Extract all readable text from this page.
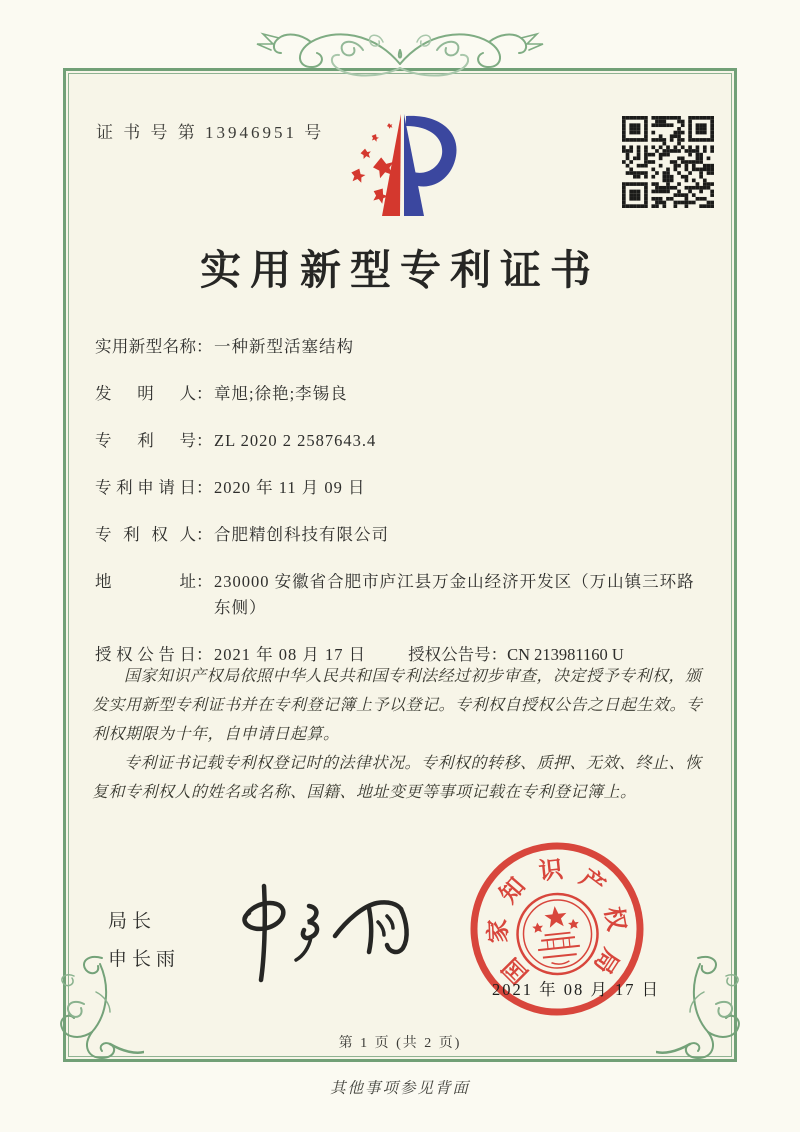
证 书 号 第 13946951 号
实用新型专利证书
实用新型名称 ： 一种新型活塞结构
发明人 ： 章旭;徐艳;李锡良
专利号 ： ZL 2020 2 2587643.4
专利申请日 ： 2020 年 11 月 09 日
专利权人 ： 合肥精创科技有限公司
地址 ： 230000 安徽省合肥市庐江县万金山经济开发区（万山镇三环路东侧）
授权公告日 ： 2021 年 08 月 17 日	授权公告号 ： CN 213981160 U

国家知识产权局依照中华人民共和国专利法经过初步审查，决定授予专利权，颁发实用新型专利证书并在专利登记簿上予以登记。专利权自授权公告之日起生效。专利权期限为十年，自申请日起算。

专利证书记载专利权登记时的法律状况。专利权的转移、质押、无效、终止、恢复和专利权人的姓名或名称、国籍、地址变更等事项记载在专利登记簿上。

局长
申长雨	国
家
知
识 产
权
局
2021 年 08 月 17 日
第 1 页 (共 2 页)
其他事项参见背面
